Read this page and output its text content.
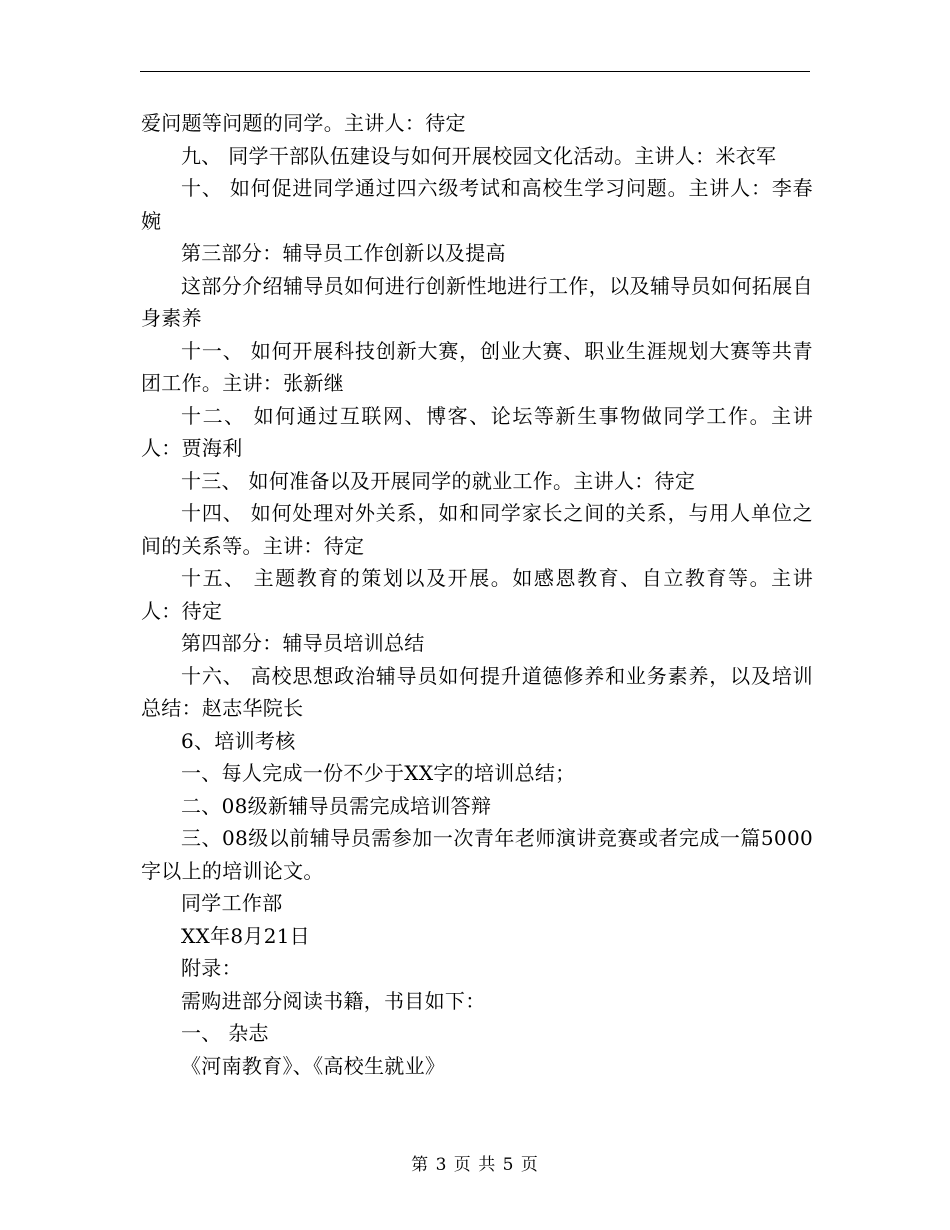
爱问题等问题的同学。主讲人：待定

九、 同学干部队伍建设与如何开展校园文化活动。主讲人：米衣军

十、 如何促进同学通过四六级考试和高校生学习问题。主讲人：李春婉

第三部分：辅导员工作创新以及提高

这部分介绍辅导员如何进行创新性地进行工作，以及辅导员如何拓展自身素养

十一、 如何开展科技创新大赛，创业大赛、职业生涯规划大赛等共青团工作。主讲：张新继

十二、 如何通过互联网、博客、论坛等新生事物做同学工作。主讲人：贾海利

十三、 如何准备以及开展同学的就业工作。主讲人：待定

十四、 如何处理对外关系，如和同学家长之间的关系，与用人单位之间的关系等。主讲：待定

十五、 主题教育的策划以及开展。如感恩教育、自立教育等。主讲人：待定

第四部分：辅导员培训总结

十六、 高校思想政治辅导员如何提升道德修养和业务素养，以及培训总结：赵志华院长

6、培训考核

一、每人完成一份不少于XX字的培训总结；

二、08级新辅导员需完成培训答辩

三、08级以前辅导员需参加一次青年老师演讲竞赛或者完成一篇5000字以上的培训论文。

同学工作部

XX年8月21日

附录：

需购进部分阅读书籍，书目如下：

一、 杂志

《河南教育》、《高校生就业》

第 3 页 共 5 页
